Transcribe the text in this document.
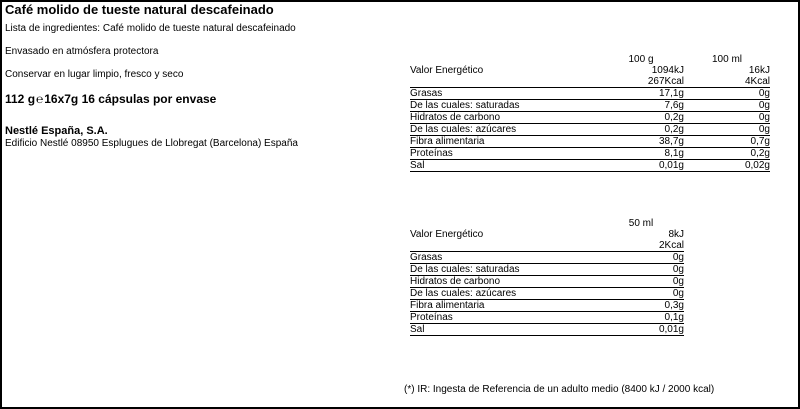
Café molido de tueste natural descafeinado
Lista de ingredientes: Café molido de tueste natural descafeinado
Envasado en atmósfera protectora
Conservar en lugar limpio, fresco y seco
112 g℮16x7g 16 cápsulas por envase
Nestlé España, S.A.
Edificio Nestlé 08950 Esplugues de Llobregat (Barcelona) España
	100 g	100 ml
Valor Energético	1094kJ	16kJ
	267Kcal	4Kcal
Grasas	17,1g	0g
De las cuales: saturadas	7,6g	0g
Hidratos de carbono	0,2g	0g
De las cuales: azúcares	0,2g	0g
Fibra alimentaria	38,7g	0,7g
Proteínas	8,1g	0,2g
Sal	0,01g	0,02g
	50 ml
Valor Energético	8kJ
	2Kcal
Grasas	0g
De las cuales: saturadas	0g
Hidratos de carbono	0g
De las cuales: azúcares	0g
Fibra alimentaria	0,3g
Proteínas	0,1g
Sal	0,01g
(*) IR: Ingesta de Referencia de un adulto medio (8400 kJ / 2000 kcal)
